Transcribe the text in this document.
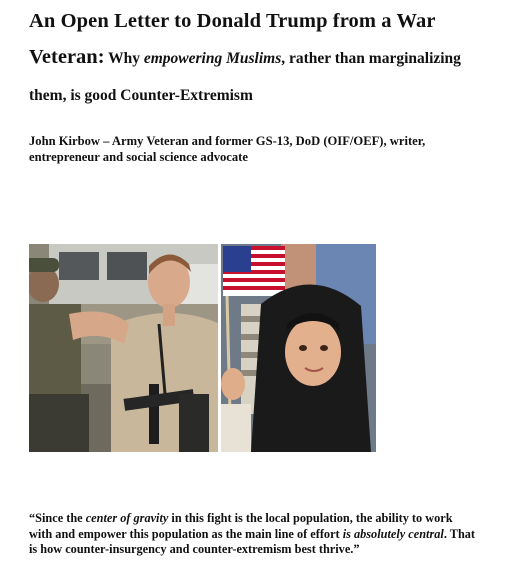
An Open Letter to Donald Trump from a War
Veteran: Why empowering Muslims, rather than marginalizing them, is good Counter-Extremism
John Kirbow – Army Veteran and former GS-13, DoD (OIF/OEF), writer, entrepreneur and social science advocate
“Since the center of gravity in this fight is the local population, the ability to work with and empower this population as the main line of effort is absolutely central. That is how counter-insurgency and counter-extremism best thrive.”
